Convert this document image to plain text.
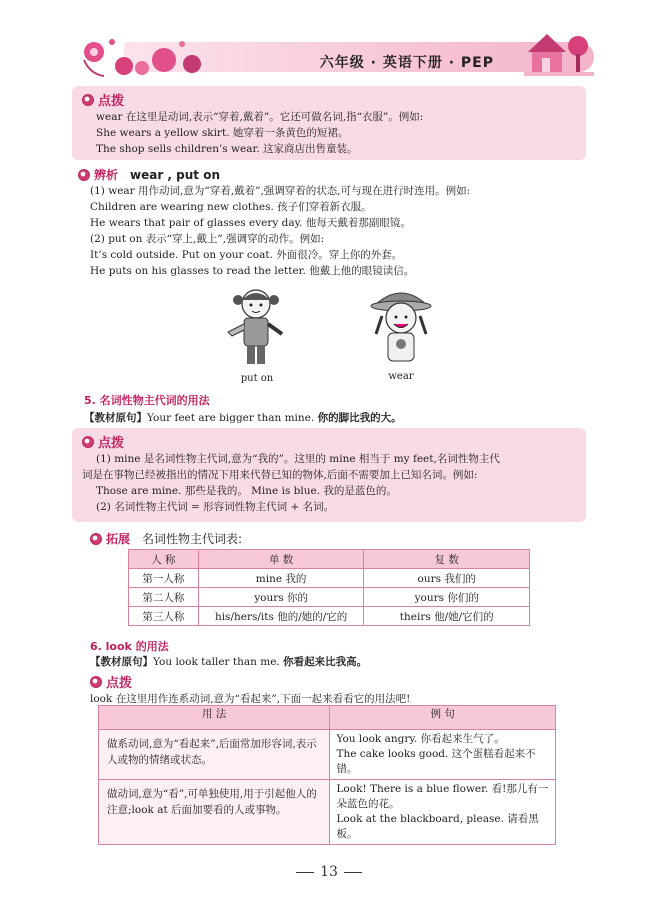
六年级 · 英语下册 · PEP
点拨
wear 在这里是动词,表示“穿着,戴着”。它还可做名词,指“衣服”。例如:
She wears a yellow skirt. 她穿着一条黄色的短裙。
The shop sells children’s wear. 这家商店出售童装。
辨析 wear , put on
(1) wear 用作动词,意为“穿着,戴着”,强调穿着的状态,可与现在进行时连用。例如:
Children are wearing new clothes. 孩子们穿着新衣服。
He wears that pair of glasses every day. 他每天戴着那副眼镜。
(2) put on 表示“穿上,戴上”,强调穿的动作。例如:
It’s cold outside. Put on your coat. 外面很冷。穿上你的外套。
He puts on his glasses to read the letter. 他戴上他的眼镜读信。
put on	wear
5. 名词性物主代词的用法
【教材原句】Your feet are bigger than mine. 你的脚比我的大。
点拨
(1) mine 是名词性物主代词,意为“我的”。这里的 mine 相当于 my feet,名词性物主代
词是在事物已经被指出的情况下用来代替已知的物体,后面不需要加上已知名词。例如:
Those are mine. 那些是我的。 Mine is blue. 我的是蓝色的。
(2) 名词性物主代词 = 形容词性物主代词 + 名词。
拓展 名词性物主代词表:
人 称	单 数	复 数
第一人称	mine 我的	ours 我们的
第二人称	yours 你的	yours 你们的
第三人称	his/hers/its 他的/她的/它的	theirs 他/她/它们的
6. look 的用法
【教材原句】You look taller than me. 你看起来比我高。
点拨
look 在这里用作连系动词,意为“看起来”,下面一起来看看它的用法吧!
用 法	例 句
做系动词,意为“看起来”,后面常加形容词,表示人或物的情绪或状态。	You look angry. 你看起来生气了。
The cake looks good. 这个蛋糕看起来不错。

做动词,意为“看”,可单独使用,用于引起他人的注意;look at 后面加要看的人或事物。	Look! There is a blue flower. 看!那儿有一朵蓝色的花。
Look at the blackboard, please. 请看黑板。
13
